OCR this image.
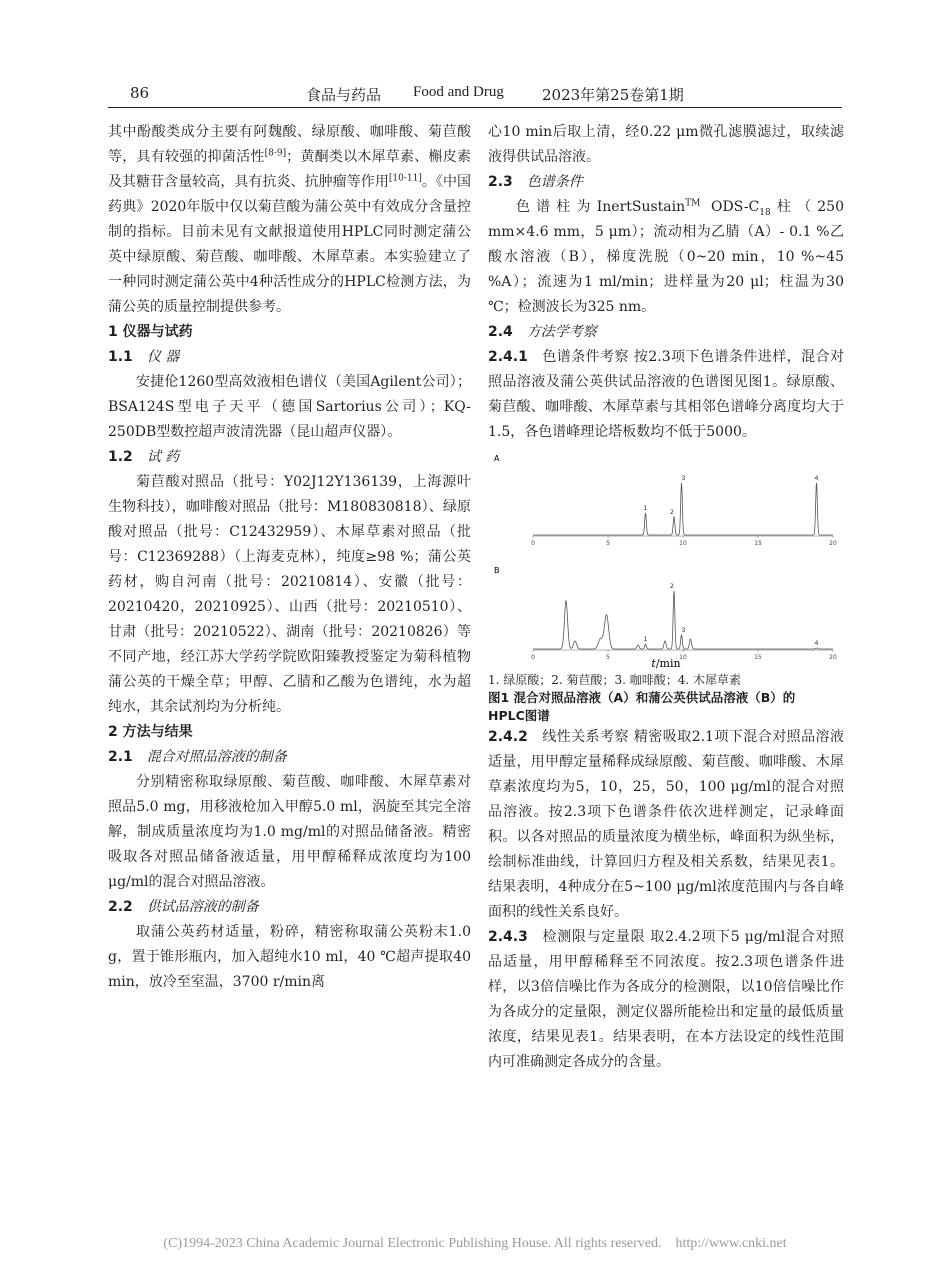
86	食品与药品 Food and Drug	2023年第25卷第1期

其中酚酸类成分主要有阿魏酸、绿原酸、咖啡酸、菊苣酸等，具有较强的抑菌活性[8-9]；黄酮类以木犀草素、槲皮素及其糖苷含量较高，具有抗炎、抗肿瘤等作用[10-11]。《中国药典》2020年版中仅以菊苣酸为蒲公英中有效成分含量控制的指标。目前未见有文献报道使用HPLC同时测定蒲公英中绿原酸、菊苣酸、咖啡酸、木犀草素。本实验建立了一种同时测定蒲公英中4种活性成分的HPLC检测方法，为蒲公英的质量控制提供参考。

1 仪器与试药

1.1 仪 器

安捷伦1260型高效液相色谱仪（美国Agilent公司）；BSA124S型电子天平（德国Sartorius公司）；KQ-250DB型数控超声波清洗器（昆山超声仪器）。

1.2 试 药

菊苣酸对照品（批号：Y02J12Y136139，上海源叶生物科技），咖啡酸对照品（批号：M180830818）、绿原酸对照品（批号：C12432959）、木犀草素对照品（批号：C12369288）（上海麦克林），纯度≥98 %；蒲公英药材，购自河南（批号：20210814）、安徽（批号：20210420，20210925）、山西（批号：20210510）、甘肃（批号：20210522）、湖南（批号：20210826）等不同产地，经江苏大学药学院欧阳臻教授鉴定为菊科植物蒲公英的干燥全草；甲醇、乙腈和乙酸为色谱纯，水为超纯水，其余试剂均为分析纯。

2 方法与结果

2.1 混合对照品溶液的制备

分别精密称取绿原酸、菊苣酸、咖啡酸、木犀草素对照品5.0 mg，用移液枪加入甲醇5.0 ml，涡旋至其完全溶解，制成质量浓度均为1.0 mg/ml的对照品储备液。精密吸取各对照品储备液适量，用甲醇稀释成浓度均为100 μg/ml的混合对照品溶液。

2.2 供试品溶液的制备

取蒲公英药材适量，粉碎，精密称取蒲公英粉末1.0 g，置于锥形瓶内，加入超纯水10 ml，40 ℃超声提取40 min，放冷至室温，3700 r/min离

心10 min后取上清，经0.22 μm微孔滤膜滤过，取续滤液得供试品溶液。

2.3 色谱条件

色谱柱为InertSustain™ ODS-$C_{18}$柱（250 mm×4.6 mm，5 μm）；流动相为乙腈（A）- 0.1 %乙酸水溶液（B），梯度洗脱（0~20 min，10 %~45 %A）；流速为1 ml/min；进样量为20 μl；柱温为30 ℃；检测波长为325 nm。

2.4 方法学考察

2.4.1 色谱条件考察 按2.3项下色谱条件进样，混合对照品溶液及蒲公英供试品溶液的色谱图见图1。绿原酸、菊苣酸、咖啡酸、木犀草素与其相邻色谱峰分离度均大于1.5，各色谱峰理论塔板数均不低于5000。

A
B
0	5	10	15	20
0	5	10	15	20
1	2
3	4
1
2
3
4
t/min

1. 绿原酸；2. 菊苣酸；3. 咖啡酸；4. 木犀草素

图1 混合对照品溶液（A）和蒲公英供试品溶液（B）的
HPLC图谱

2.4.2 线性关系考察 精密吸取2.1项下混合对照品溶液适量，用甲醇定量稀释成绿原酸、菊苣酸、咖啡酸、木犀草素浓度均为5，10，25，50，100 μg/ml的混合对照品溶液。按2.3项下色谱条件依次进样测定，记录峰面积。以各对照品的质量浓度为横坐标，峰面积为纵坐标，绘制标准曲线，计算回归方程及相关系数，结果见表1。结果表明，4种成分在5~100 μg/ml浓度范围内与各自峰面积的线性关系良好。

2.4.3 检测限与定量限 取2.4.2项下5 μg/ml混合对照品适量，用甲醇稀释至不同浓度。按2.3项色谱条件进样，以3倍信噪比作为各成分的检测限，以10倍信噪比作为各成分的定量限，测定仪器所能检出和定量的最低质量浓度，结果见表1。结果表明，在本方法设定的线性范围内可准确测定各成分的含量。

(C)1994-2023 China Academic Journal Electronic Publishing House. All rights reserved. http://www.cnki.net
